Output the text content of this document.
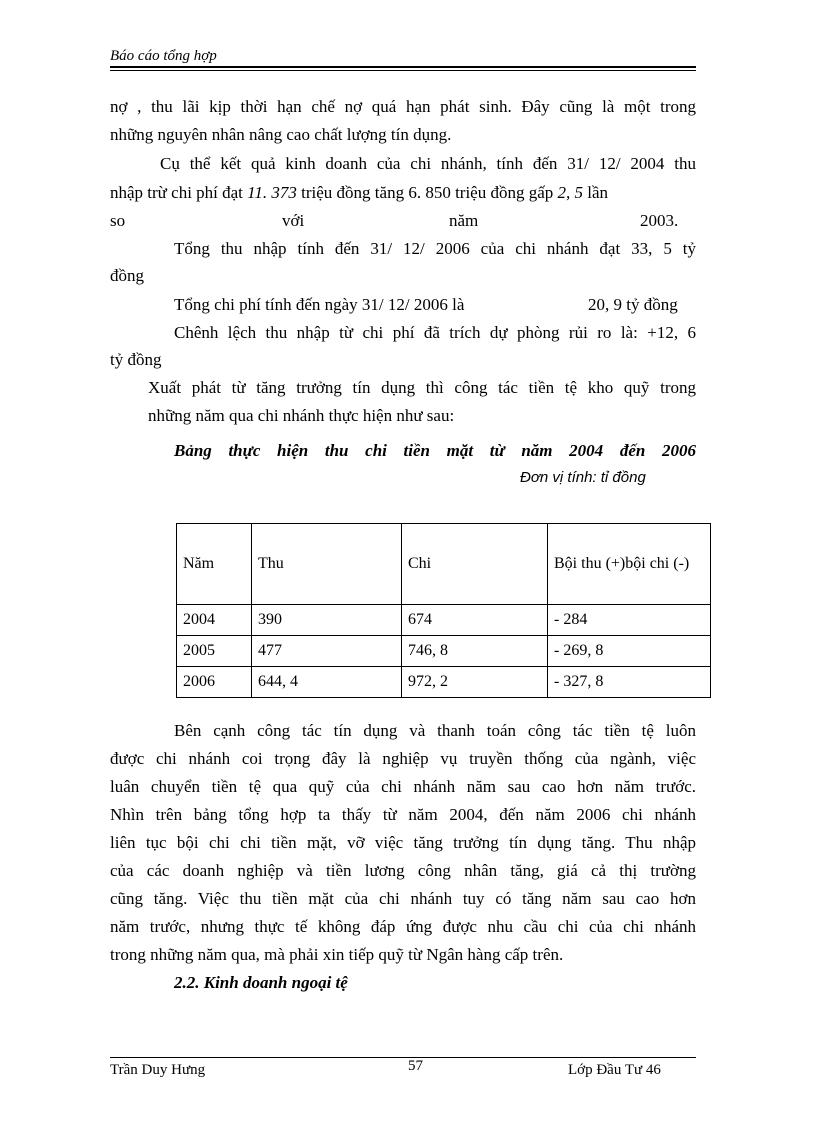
Báo cáo tổng hợp
nợ , thu lãi kịp thời hạn chế nợ quá hạn phát sinh. Đây cũng là một trong
những nguyên nhân nâng cao chất lượng tín dụng.
Cụ thể kết quả kinh doanh của chi nhánh, tính đến 31/ 12/ 2004 thu
nhập trừ chi phí đạt 11. 373 triệu đồng tăng 6. 850 triệu đồng gấp 2, 5 lần
so	với	năm	2003.
Tổng thu nhập tính đến 31/ 12/ 2006 của chi nhánh đạt 33, 5 tỷ
đồng
Tổng chi phí tính đến ngày 31/ 12/ 2006 là	20, 9 tỷ đồng
Chênh lệch thu nhập từ chi phí đã trích dự phòng rủi ro là: +12, 6
tỷ đồng
Xuất phát từ tăng trưởng tín dụng thì công tác tiền tệ kho quỹ trong
những năm qua chi nhánh thực hiện như sau:
Bảng thực hiện thu chi tiền mặt từ năm 2004 đến 2006
Đơn vị tính: tỉ đồng
Năm	Thu	Chi	Bội thu (+)bội chi (-)
2004	390	674	- 284
2005	477	746, 8	- 269, 8
2006	644, 4	972, 2	- 327, 8
Bên cạnh công tác tín dụng và thanh toán công tác tiền tệ luôn
được chi nhánh coi trọng đây là nghiệp vụ truyền thống của ngành, việc
luân chuyển tiền tệ qua quỹ của chi nhánh năm sau cao hơn năm trước.
Nhìn trên bảng tổng hợp ta thấy từ năm 2004, đến năm 2006 chi nhánh
liên tục bội chi chi tiền mặt, vỡ việc tăng trưởng tín dụng tăng. Thu nhập
của các doanh nghiệp và tiền lương công nhân tăng, giá cả thị trường
cũng tăng. Việc thu tiền mặt của chi nhánh tuy có tăng năm sau cao hơn
năm trước, nhưng thực tế không đáp ứng được nhu cầu chi của chi nhánh
trong những năm qua, mà phải xin tiếp quỹ từ Ngân hàng cấp trên.
2.2. Kinh doanh ngoại tệ
Trần Duy Hưng	57	Lớp Đầu Tư 46
